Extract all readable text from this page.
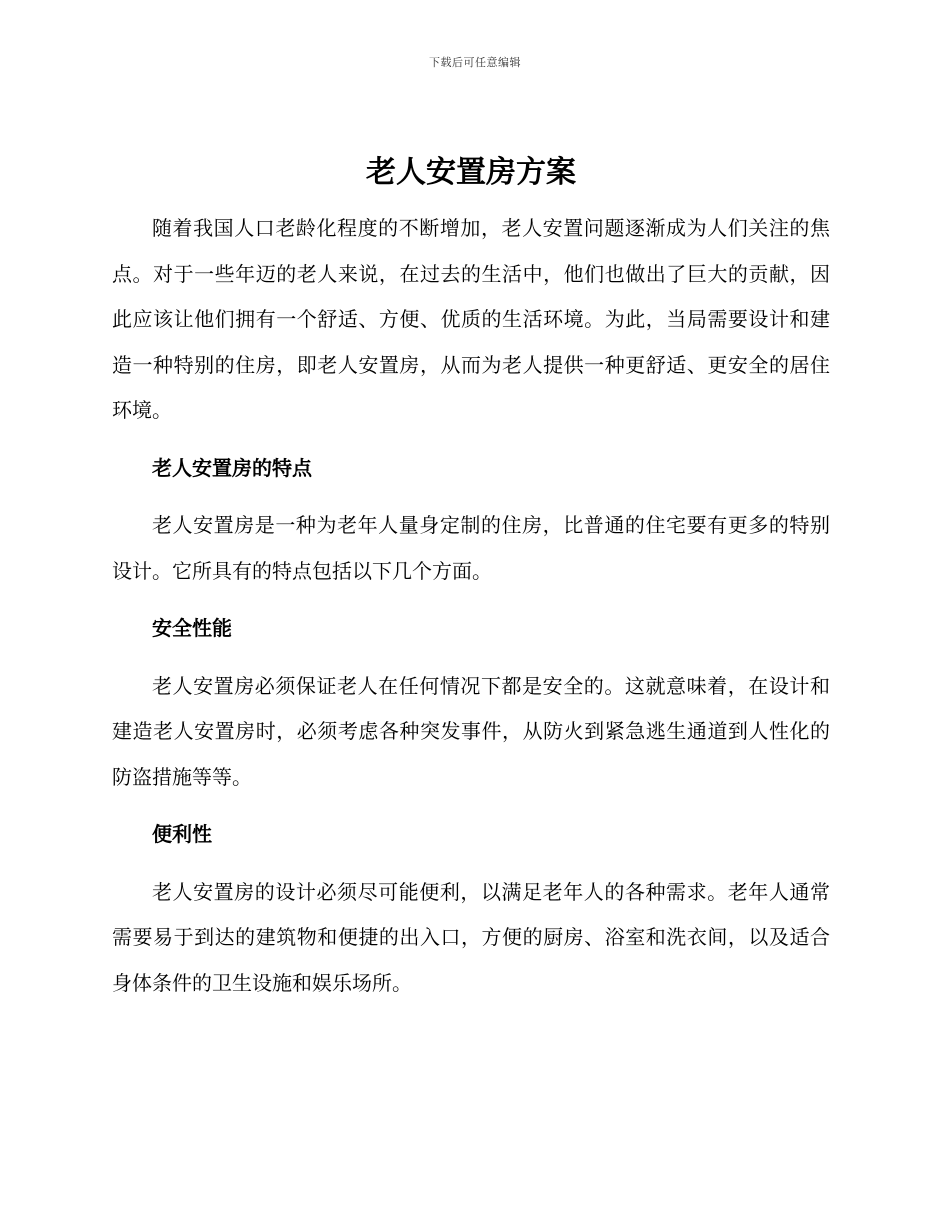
下载后可任意编辑
老人安置房方案

随着我国人口老龄化程度的不断增加，老人安置问题逐渐成为人们关注的焦点。对于一些年迈的老人来说，在过去的生活中，他们也做出了巨大的贡献，因此应该让他们拥有一个舒适、方便、优质的生活环境。为此，当局需要设计和建造一种特别的住房，即老人安置房，从而为老人提供一种更舒适、更安全的居住环境。

老人安置房的特点

老人安置房是一种为老年人量身定制的住房，比普通的住宅要有更多的特别设计。它所具有的特点包括以下几个方面。

安全性能

老人安置房必须保证老人在任何情况下都是安全的。这就意味着，在设计和建造老人安置房时，必须考虑各种突发事件，从防火到紧急逃生通道到人性化的防盗措施等等。

便利性

老人安置房的设计必须尽可能便利，以满足老年人的各种需求。老年人通常需要易于到达的建筑物和便捷的出入口，方便的厨房、浴室和洗衣间，以及适合身体条件的卫生设施和娱乐场所。
